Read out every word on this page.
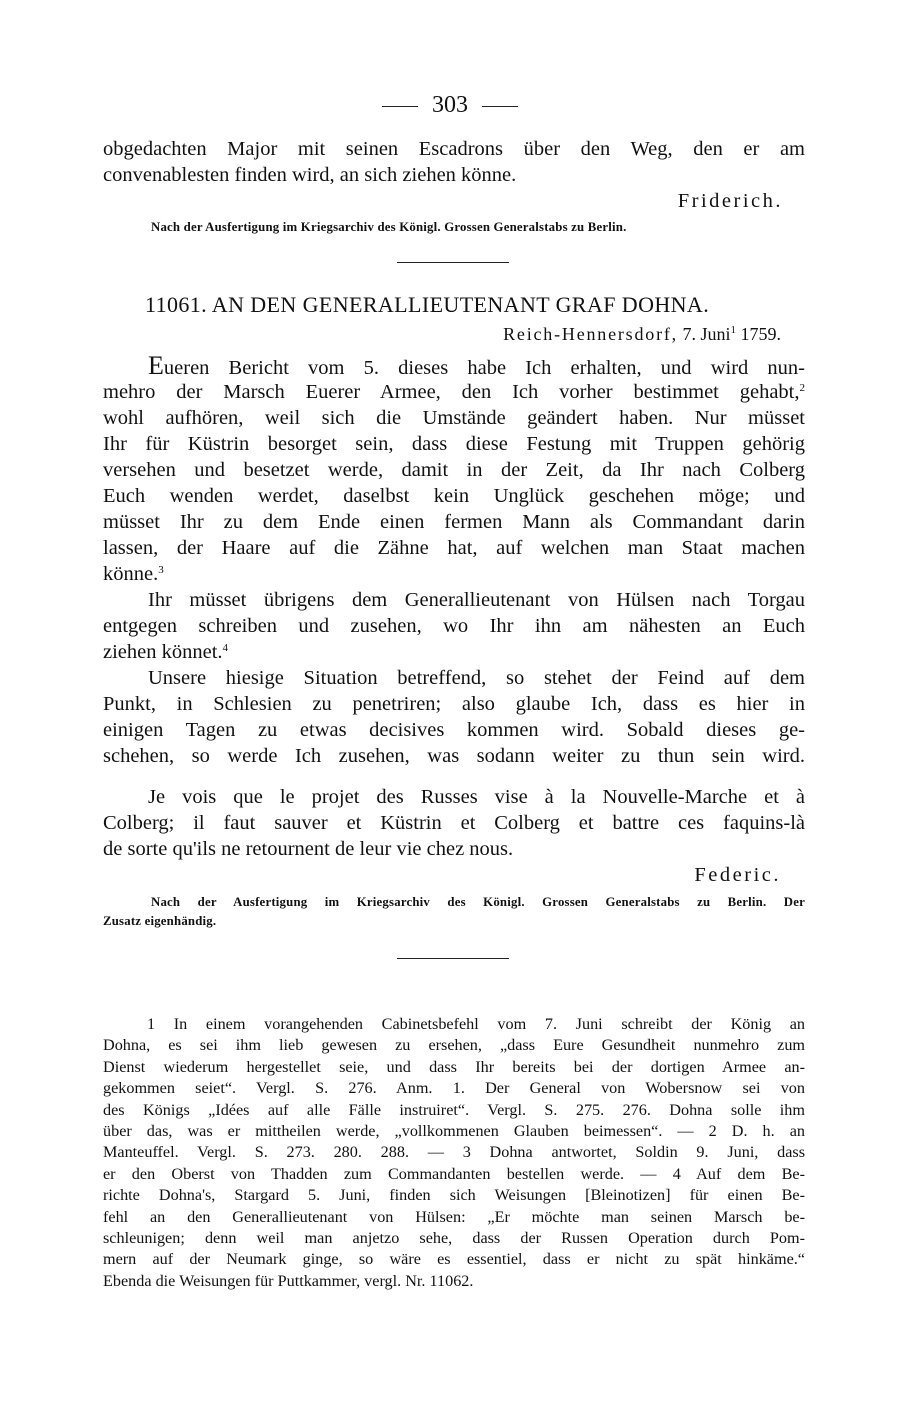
303
obgedachten Major mit seinen Escadrons über den Weg, den er am
convenablesten finden wird, an sich ziehen könne.
Friderich.
Nach der Ausfertigung im Kriegsarchiv des Königl. Grossen Generalstabs zu Berlin.
11061. AN DEN GENERALLIEUTENANT GRAF DOHNA.
Reich-Hennersdorf, 7. Juni$^1$ 1759.
Eueren Bericht vom 5. dieses habe Ich erhalten, und wird nun-
mehro der Marsch Euerer Armee, den Ich vorher bestimmet gehabt,$^2$
wohl aufhören, weil sich die Umstände geändert haben. Nur müsset
Ihr für Küstrin besorget sein, dass diese Festung mit Truppen gehörig
versehen und besetzet werde, damit in der Zeit, da Ihr nach Colberg
Euch wenden werdet, daselbst kein Unglück geschehen möge; und
müsset Ihr zu dem Ende einen fermen Mann als Commandant darin
lassen, der Haare auf die Zähne hat, auf welchen man Staat machen
könne.$^3$
Ihr müsset übrigens dem Generallieutenant von Hülsen nach Torgau
entgegen schreiben und zusehen, wo Ihr ihn am nähesten an Euch
ziehen könnet.$^4$
Unsere hiesige Situation betreffend, so stehet der Feind auf dem
Punkt, in Schlesien zu penetriren; also glaube Ich, dass es hier in
einigen Tagen zu etwas decisives kommen wird. Sobald dieses ge-
schehen, so werde Ich zusehen, was sodann weiter zu thun sein wird.
Je vois que le projet des Russes vise à la Nouvelle-Marche et à
Colberg; il faut sauver et Küstrin et Colberg et battre ces faquins-là
de sorte qu'ils ne retournent de leur vie chez nous.
Federic.
Nach der Ausfertigung im Kriegsarchiv des Königl. Grossen Generalstabs zu Berlin. Der
Zusatz eigenhändig.
1 In einem vorangehenden Cabinetsbefehl vom 7. Juni schreibt der König an
Dohna, es sei ihm lieb gewesen zu ersehen, „dass Eure Gesundheit nunmehro zum
Dienst wiederum hergestellet seie, und dass Ihr bereits bei der dortigen Armee an-
gekommen seiet“. Vergl. S. 276. Anm. 1. Der General von Wobersnow sei von
des Königs „Idées auf alle Fälle instruiret“. Vergl. S. 275. 276. Dohna solle ihm
über das, was er mittheilen werde, „vollkommenen Glauben beimessen“. — 2 D. h. an
Manteuffel. Vergl. S. 273. 280. 288. — 3 Dohna antwortet, Soldin 9. Juni, dass
er den Oberst von Thadden zum Commandanten bestellen werde. — 4 Auf dem Be-
richte Dohna's, Stargard 5. Juni, finden sich Weisungen [Bleinotizen] für einen Be-
fehl an den Generallieutenant von Hülsen: „Er möchte man seinen Marsch be-
schleunigen; denn weil man anjetzo sehe, dass der Russen Operation durch Pom-
mern auf der Neumark ginge, so wäre es essentiel, dass er nicht zu spät hinkäme.“
Ebenda die Weisungen für Puttkammer, vergl. Nr. 11062.
